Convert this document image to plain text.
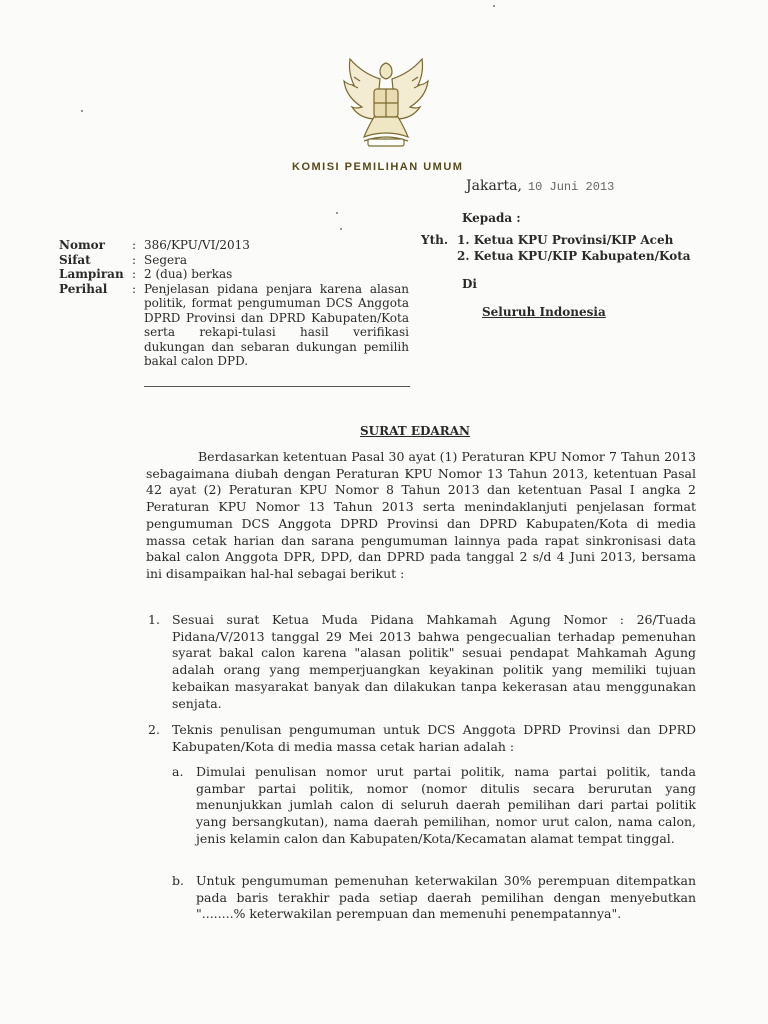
KOMISI PEMILIHAN UMUM
Jakarta, 10 Juni 2013
Kepada :
Yth. 1. Ketua KPU Provinsi/KIP Aceh
2. Ketua KPU/KIP Kabupaten/Kota
Di
Seluruh Indonesia
Nomor	: 386/KPU/VI/2013
Sifat	: Segera
Lampiran : 2 (dua) berkas
Perihal	: Penjelasan pidana penjara karena alasan politik, format pengumuman DCS Anggota DPRD Provinsi dan DPRD Kabupaten/Kota serta rekapi-tulasi hasil verifikasi dukungan dan sebaran dukungan pemilih bakal calon DPD.
SURAT EDARAN
Berdasarkan ketentuan Pasal 30 ayat (1) Peraturan KPU Nomor 7 Tahun 2013 sebagaimana diubah dengan Peraturan KPU Nomor 13 Tahun 2013, ketentuan Pasal 42 ayat (2) Peraturan KPU Nomor 8 Tahun 2013 dan ketentuan Pasal I angka 2 Peraturan KPU Nomor 13 Tahun 2013 serta menindaklanjuti penjelasan format pengumuman DCS Anggota DPRD Provinsi dan DPRD Kabupaten/Kota di media massa cetak harian dan sarana pengumuman lainnya pada rapat sinkronisasi data bakal calon Anggota DPR, DPD, dan DPRD pada tanggal 2 s/d 4 Juni 2013, bersama ini disampaikan hal-hal sebagai berikut :
1. Sesuai surat Ketua Muda Pidana Mahkamah Agung Nomor : 26/Tuada Pidana/V/2013 tanggal 29 Mei 2013 bahwa pengecualian terhadap pemenuhan syarat bakal calon karena "alasan politik" sesuai pendapat Mahkamah Agung adalah orang yang memperjuangkan keyakinan politik yang memiliki tujuan kebaikan masyarakat banyak dan dilakukan tanpa kekerasan atau menggunakan senjata.
2. Teknis penulisan pengumuman untuk DCS Anggota DPRD Provinsi dan DPRD Kabupaten/Kota di media massa cetak harian adalah :
a.	Dimulai penulisan nomor urut partai politik, nama partai politik, tanda gambar partai politik, nomor (nomor ditulis secara berurutan yang menunjukkan jumlah calon di seluruh daerah pemilihan dari partai politik yang bersangkutan), nama daerah pemilihan, nomor urut calon, nama calon, jenis kelamin calon dan Kabupaten/Kota/Kecamatan alamat tempat tinggal.
b. Untuk pengumuman pemenuhan keterwakilan 30% perempuan ditempatkan pada baris terakhir pada setiap daerah pemilihan dengan menyebutkan "........% keterwakilan perempuan dan memenuhi penempatannya".
